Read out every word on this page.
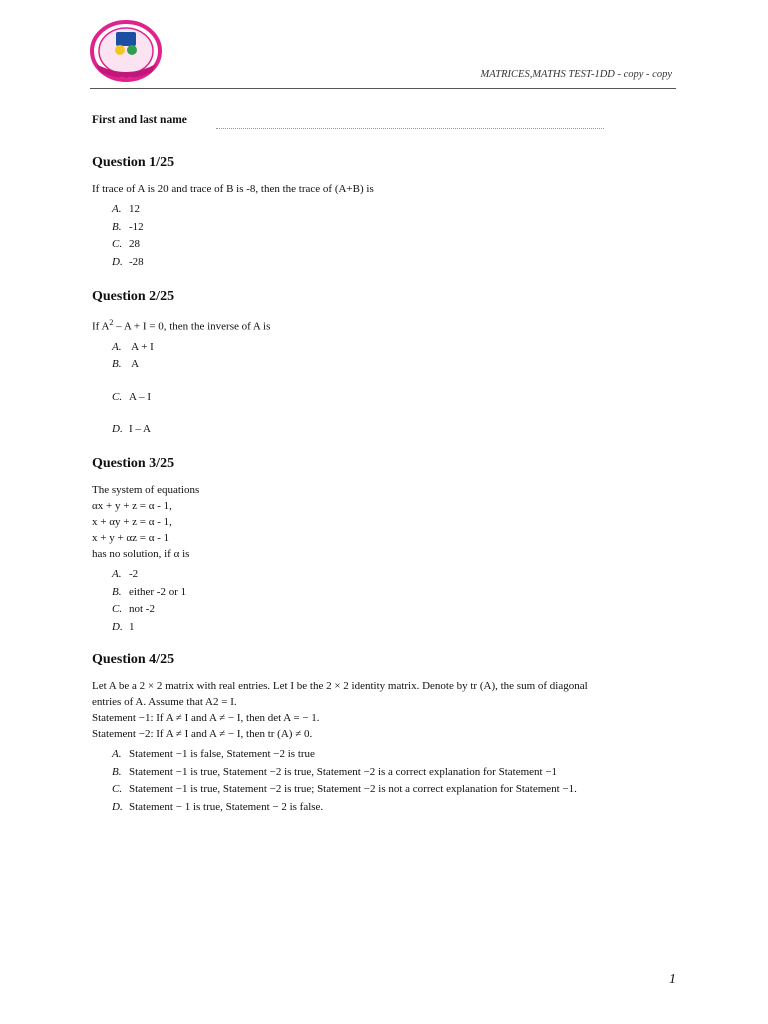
MATRICES,MATHS TEST-1DD - copy - copy
First and last name

Question 1/25

If trace of A is 20 and trace of B is -8, then the trace of (A+B) is

A. 12
B. -12
C. 28
D. -28

Question 2/25

If $A^2 - A + I = 0$, then the inverse of A is

A. A + I
B. A
C. A – I
D. I – A

Question 3/25

The system of equations
αx + y + z = α - 1,
x + αy + z = α - 1,
x + y + αz = α - 1
has no solution, if α is
A. -2
B. either -2 or 1
C. not -2
D. 1

Question 4/25

Let A be a 2 × 2 matrix with real entries. Let I be the 2 × 2 identity matrix. Denote by tr (A), the sum of diagonal
entries of A. Assume that A2 = I.
Statement −1: If A ≠ I and A ≠ − I, then det A = − 1.
Statement −2: If A ≠ I and A ≠ − I, then tr (A) ≠ 0.
A. Statement −1 is false, Statement −2 is true
B. Statement −1 is true, Statement −2 is true, Statement −2 is a correct explanation for Statement −1
C. Statement −1 is true, Statement −2 is true; Statement −2 is not a correct explanation for Statement −1.
D. Statement − 1 is true, Statement − 2 is false.
1
